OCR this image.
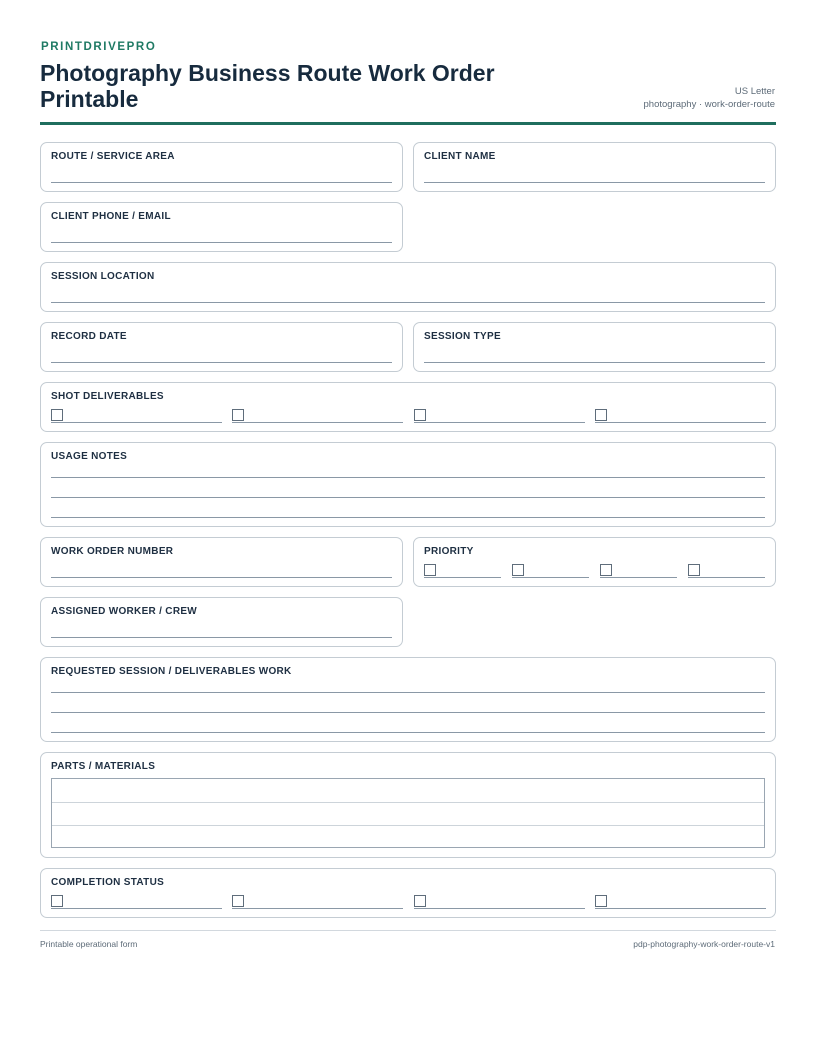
PRINTDRIVEPRO
Photography Business Route Work Order Printable	US Letter
photography · work-order-route
ROUTE / SERVICE AREA	CLIENT NAME
CLIENT PHONE / EMAIL
SESSION LOCATION
RECORD DATE	SESSION TYPE
SHOT DELIVERABLES
USAGE NOTES
WORK ORDER NUMBER	PRIORITY
ASSIGNED WORKER / CREW
REQUESTED SESSION / DELIVERABLES WORK
PARTS / MATERIALS
COMPLETION STATUS
Printable operational form	pdp-photography-work-order-route-v1
